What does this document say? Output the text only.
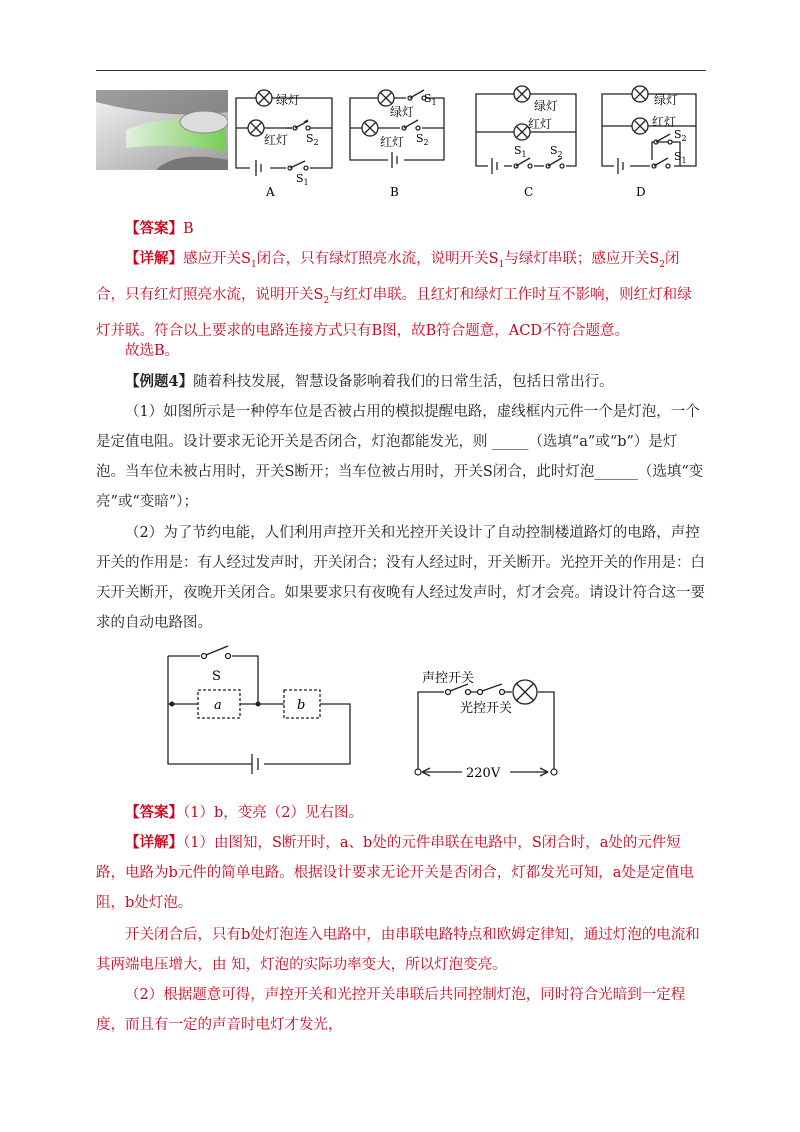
绿灯
红灯 $S_2$
$S_1$
A
绿灯
$S_1$
红灯 $S_2$
B
绿灯
红灯
$S_1$ $S_2$
C
绿灯
红灯
$S_2$
$S_1$
D
【答案】B
【详解】感应开关$S_1$闭合，只有绿灯照亮水流，说明开关$S_1$与绿灯串联；感应开关$S_2$闭合，只有红灯照亮水流，说明开关$S_2$与红灯串联。且红灯和绿灯工作时互不影响，则红灯和绿灯并联。符合以上要求的电路连接方式只有B图，故B符合题意，ACD不符合题意。
故选B。
【例题4】随着科技发展，智慧设备影响着我们的日常生活，包括日常出行。
（1）如图所示是一种停车位是否被占用的模拟提醒电路，虚线框内元件一个是灯泡，一个是定值电阻。设计要求无论开关是否闭合，灯泡都能发光，则 _____（选填“a”或“b”）是灯泡。当车位未被占用时，开关S断开；当车位被占用时，开关S闭合，此时灯泡______（选填“变亮”或“变暗”）；
（2）为了节约电能，人们利用声控开关和光控开关设计了自动控制楼道路灯的电路，声控开关的作用是：有人经过发声时，开关闭合；没有人经过时，开关断开。光控开关的作用是：白天开关断开，夜晚开关闭合。如果要求只有夜晚有人经过发声时，灯才会亮。请设计符合这一要求的自动电路图。
S
a	b
声控开关
光控开关
220V
【答案】（1）b，变亮（2）见右图。
【详解】（1）由图知，S断开时，a、b处的元件串联在电路中，S闭合时，a处的元件短路，电路为b元件的简单电路。根据设计要求无论开关是否闭合，灯都发光可知，a处是定值电阻，b处灯泡。
开关闭合后，只有b处灯泡连入电路中，由串联电路特点和欧姆定律知，通过灯泡的电流和其两端电压增大，由 知，灯泡的实际功率变大，所以灯泡变亮。
（2）根据题意可得，声控开关和光控开关串联后共同控制灯泡，同时符合光暗到一定程度，而且有一定的声音时电灯才发光，
